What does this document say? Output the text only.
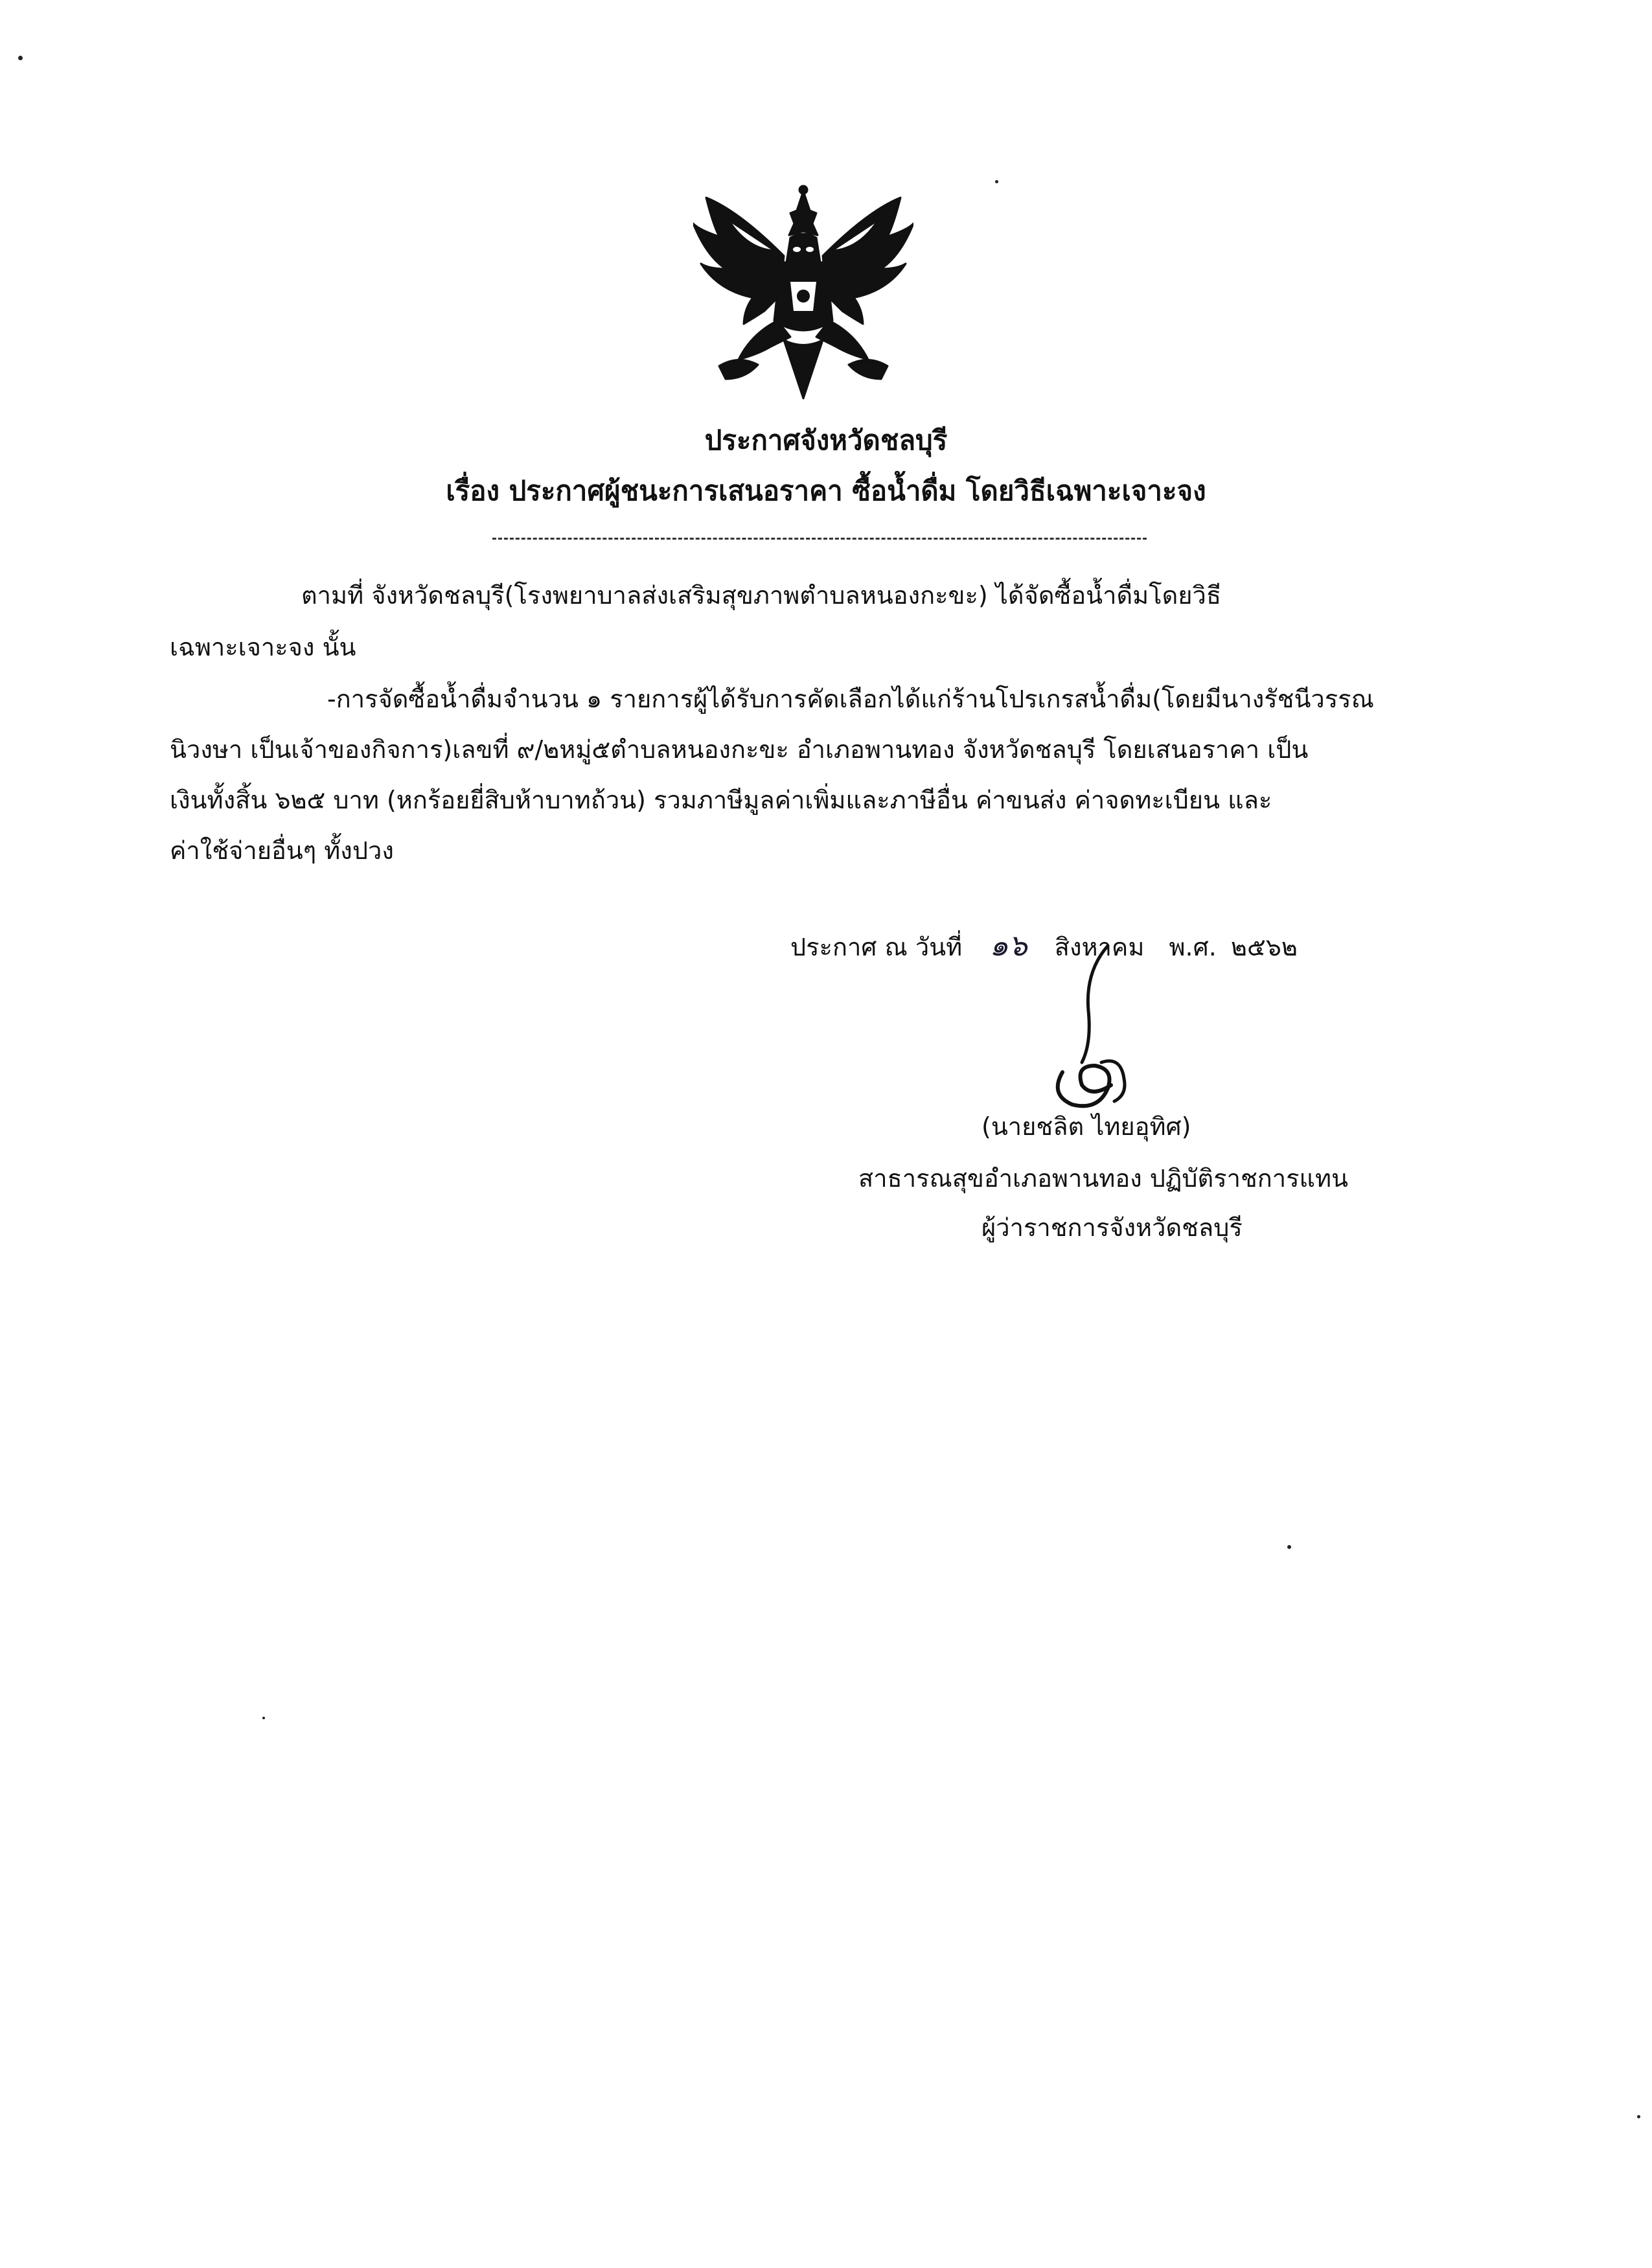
ประกาศจังหวัดชลบุรี
เรื่อง ประกาศผู้ชนะการเสนอราคา ซื้อน้ำดื่ม โดยวิธีเฉพาะเจาะจง
ตามที่ จังหวัดชลบุรี(โรงพยาบาลส่งเสริมสุขภาพตำบลหนองกะขะ) ได้จัดซื้อน้ำดื่มโดยวิธี
เฉพาะเจาะจง นั้น
-การจัดซื้อน้ำดื่มจำนวน ๑ รายการผู้ได้รับการคัดเลือกได้แก่ร้านโปรเกรสน้ำดื่ม(โดยมีนางรัชนีวรรณ
นิวงษา เป็นเจ้าของกิจการ)เลขที่ ๙/๒หมู่๕ตำบลหนองกะขะ อำเภอพานทอง จังหวัดชลบุรี โดยเสนอราคา เป็น
เงินทั้งสิ้น ๖๒๕ บาท (หกร้อยยี่สิบห้าบาทถ้วน) รวมภาษีมูลค่าเพิ่มและภาษีอื่น ค่าขนส่ง ค่าจดทะเบียน และ
ค่าใช้จ่ายอื่นๆ ทั้งปวง
ประกาศ ณ วันที่ ๑๖ สิงหาคม พ.ศ. ๒๕๖๒
(นายชลิต ไทยอุทิศ)
สาธารณสุขอำเภอพานทอง ปฏิบัติราชการแทน
ผู้ว่าราชการจังหวัดชลบุรี
